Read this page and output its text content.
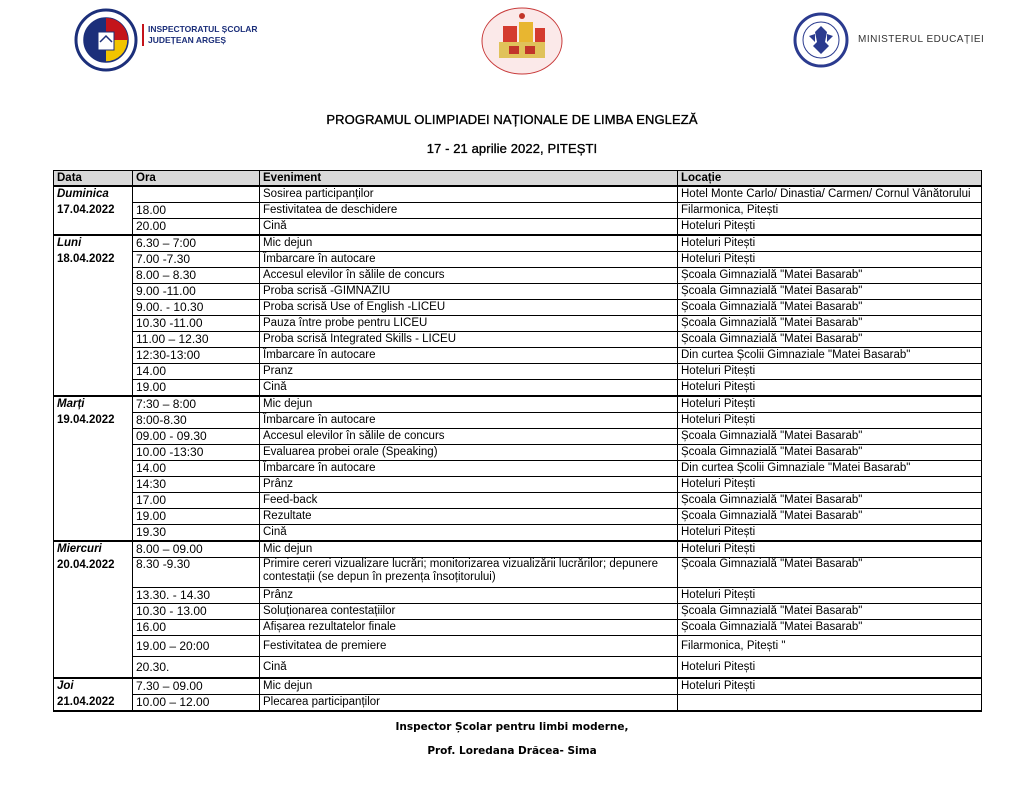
INSPECTORATUL ȘCOLAR
JUDEȚEAN ARGEȘ	MINISTERUL EDUCAȚIEI
PROGRAMUL OLIMPIADEI NAȚIONALE DE LIMBA ENGLEZĂ
17 - 21 aprilie 2022, PITEȘTI
Data	Ora	Eveniment	Locație
Duminica
17.04.2022		Sosirea participanților	Hotel Monte Carlo/ Dinastia/ Carmen/ Cornul Vânătorului
	18.00	Festivitatea de deschidere	Filarmonica, Pitești
	20.00	Cină	Hoteluri Pitești
Luni
18.04.2022	6.30 – 7:00	Mic dejun	Hoteluri Pitești
	7.00 -7.30	Îmbarcare în autocare	Hoteluri Pitești
	8.00 – 8.30	Accesul elevilor în sălile de concurs	Școala Gimnazială "Matei Basarab"
	9.00 -11.00	Proba scrisă -GIMNAZIU	Școala Gimnazială "Matei Basarab"
	9.00. - 10.30	Proba scrisă Use of English -LICEU	Școala Gimnazială "Matei Basarab"
	10.30 -11.00	Pauza între probe pentru LICEU	Școala Gimnazială "Matei Basarab"
	11.00 – 12.30	Proba scrisă Integrated Skills - LICEU	Școala Gimnazială "Matei Basarab"
	12:30-13:00	Îmbarcare în autocare	Din curtea Școlii Gimnaziale "Matei Basarab"
	14.00	Pranz	Hoteluri Pitești
	19.00	Cină	Hoteluri Pitești
Marți
19.04.2022	7:30 – 8:00	Mic dejun	Hoteluri Pitești
	8:00-8.30	Îmbarcare în autocare	Hoteluri Pitești
	09.00 - 09.30	Accesul elevilor în sălile de concurs	Școala Gimnazială "Matei Basarab"
	10.00 -13:30	Evaluarea probei orale (Speaking)	Școala Gimnazială "Matei Basarab"
	14.00	Îmbarcare în autocare	Din curtea Școlii Gimnaziale "Matei Basarab"
	14:30	Prânz	Hoteluri Pitești
	17.00	Feed-back	Școala Gimnazială "Matei Basarab"
	19.00	Rezultate	Școala Gimnazială "Matei Basarab"
	19.30	Cină	Hoteluri Pitești
Miercuri
20.04.2022	8.00 – 09.00	Mic dejun	Hoteluri Pitești
	8.30 -9.30	Primire cereri vizualizare lucrări; monitorizarea vizualizării lucrărilor; depunere contestații (se depun în prezența însoțitorului)	Școala Gimnazială "Matei Basarab"
	13.30. - 14.30	Prânz	Hoteluri Pitești
	10.30 - 13.00	Soluționarea contestațiilor	Școala Gimnazială "Matei Basarab"
	16.00	Afișarea rezultatelor finale	Școala Gimnazială "Matei Basarab"
	19.00 – 20:00	Festivitatea de premiere	Filarmonica, Pitești "
	20.30.	Cină	Hoteluri Pitești
Joi
21.04.2022	7.30 – 09.00	Mic dejun	Hoteluri Pitești
	10.00 – 12.00	Plecarea participanților	
Inspector Școlar pentru limbi moderne,
Prof. Loredana Drăcea- Sima
